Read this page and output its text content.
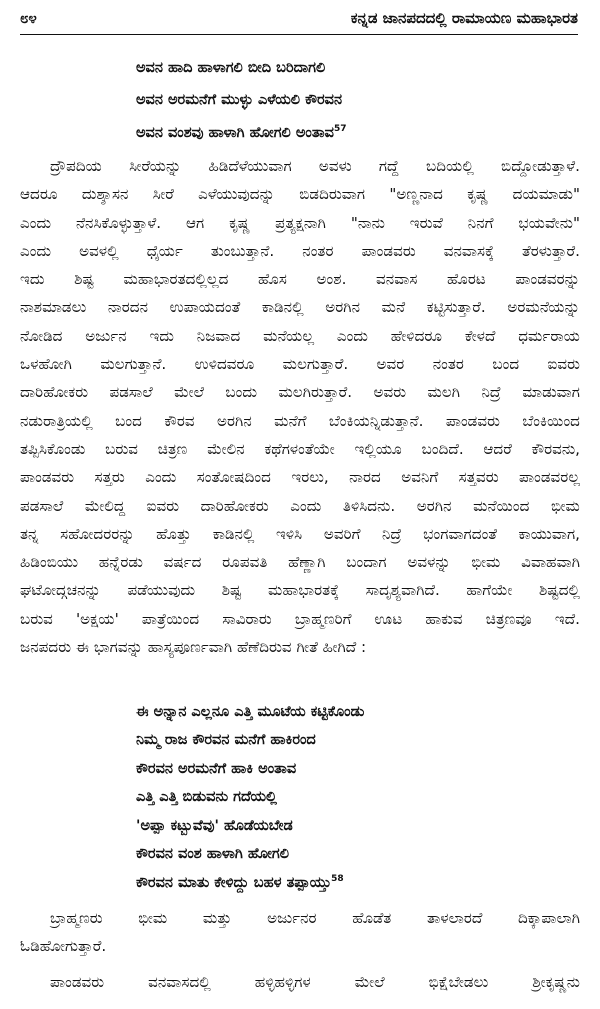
೮೪	ಕನ್ನಡ ಜಾನಪದದಲ್ಲಿ ರಾಮಾಯಣ ಮಹಾಭಾರತ
ಅವನ ಹಾದಿ ಹಾಳಾಗಲಿ ಬೀದಿ ಬರಿದಾಗಲಿ
ಅವನ ಅರಮನೆಗೆ ಮುಳ್ಳು ಎಳೆಯಲಿ ಕೌರವನ
ಅವನ ವಂಶವು ಹಾಳಾಗಿ ಹೋಗಲಿ ಅಂತಾವ$^{57}$
ದ್ರೌಪದಿಯ ಸೀರೆಯನ್ನು ಹಿಡಿದೆಳೆಯುವಾಗ ಅವಳು ಗದ್ದೆ ಬದಿಯಲ್ಲಿ ಬಿದ್ದೋಡುತ್ತಾಳೆ.
ಆದರೂ ದುಶ್ಶಾಸನ ಸೀರೆ ಎಳೆಯುವುದನ್ನು ಬಿಡದಿರುವಾಗ "ಅಣ್ಣನಾದ ಕೃಷ್ಣ ದಯಮಾಡು"
ಎಂದು ನೆನಸಿಕೊಳ್ಳುತ್ತಾಳೆ. ಆಗ ಕೃಷ್ಣ ಪ್ರತ್ಯಕ್ಷನಾಗಿ "ನಾನು ಇರುವೆ ನಿನಗೆ ಭಯವೇನು"
ಎಂದು ಅವಳಲ್ಲಿ ಧೈರ್ಯ ತುಂಬುತ್ತಾನೆ. ನಂತರ ಪಾಂಡವರು ವನವಾಸಕ್ಕೆ ತೆರಳುತ್ತಾರೆ.
ಇದು ಶಿಷ್ಟ ಮಹಾಭಾರತದಲ್ಲಿಲ್ಲದ ಹೊಸ ಅಂಶ. ವನವಾಸ ಹೊರಟ ಪಾಂಡವರನ್ನು
ನಾಶಮಾಡಲು ನಾರದನ ಉಪಾಯದಂತೆ ಕಾಡಿನಲ್ಲಿ ಅರಗಿನ ಮನೆ ಕಟ್ಟಿಸುತ್ತಾರೆ. ಅರಮನೆಯನ್ನು
ನೋಡಿದ ಅರ್ಜುನ ಇದು ನಿಜವಾದ ಮನೆಯಲ್ಲ ಎಂದು ಹೇಳಿದರೂ ಕೇಳದೆ ಧರ್ಮರಾಯ
ಒಳಹೋಗಿ ಮಲಗುತ್ತಾನೆ. ಉಳಿದವರೂ ಮಲಗುತ್ತಾರೆ. ಅವರ ನಂತರ ಬಂದ ಐವರು
ದಾರಿಹೋಕರು ಪಡಸಾಲೆ ಮೇಲೆ ಬಂದು ಮಲಗಿರುತ್ತಾರೆ. ಅವರು ಮಲಗಿ ನಿದ್ರೆ ಮಾಡುವಾಗ
ನಡುರಾತ್ರಿಯಲ್ಲಿ ಬಂದ ಕೌರವ ಅರಗಿನ ಮನೆಗೆ ಬೆಂಕಿಯನ್ನಿಡುತ್ತಾನೆ. ಪಾಂಡವರು ಬೆಂಕಿಯಿಂದ
ತಪ್ಪಿಸಿಕೊಂಡು ಬರುವ ಚಿತ್ರಣ ಮೇಲಿನ ಕಥೆಗಳಂತೆಯೇ ಇಲ್ಲಿಯೂ ಬಂದಿದೆ. ಆದರೆ ಕೌರವನು,
ಪಾಂಡವರು ಸತ್ತರು ಎಂದು ಸಂತೋಷದಿಂದ ಇರಲು, ನಾರದ ಅವನಿಗೆ ಸತ್ತವರು ಪಾಂಡವರಲ್ಲ
ಪಡಸಾಲೆ ಮೇಲಿದ್ದ ಐವರು ದಾರಿಹೋಕರು ಎಂದು ತಿಳಿಸಿದನು. ಅರಗಿನ ಮನೆಯಿಂದ ಭೀಮ
ತನ್ನ ಸಹೋದರರನ್ನು ಹೊತ್ತು ಕಾಡಿನಲ್ಲಿ ಇಳಿಸಿ ಅವರಿಗೆ ನಿದ್ರೆ ಭಂಗವಾಗದಂತೆ ಕಾಯುವಾಗ,
ಹಿಡಿಂಬಿಯು ಹನ್ನೆರಡು ವರ್ಷದ ರೂಪವತಿ ಹೆಣ್ಣಾಗಿ ಬಂದಾಗ ಅವಳನ್ನು ಭೀಮ ವಿವಾಹವಾಗಿ
ಘಟೋದ್ಗಚನನ್ನು ಪಡೆಯುವುದು ಶಿಷ್ಟ ಮಹಾಭಾರತಕ್ಕೆ ಸಾದೃಶ್ಯವಾಗಿದೆ. ಹಾಗೆಯೇ ಶಿಷ್ಟದಲ್ಲಿ
ಬರುವ 'ಅಕ್ಷಯ' ಪಾತ್ರೆಯಿಂದ ಸಾವಿರಾರು ಬ್ರಾಹ್ಮಣರಿಗೆ ಊಟ ಹಾಕುವ ಚಿತ್ರಣವೂ ಇದೆ.
ಜನಪದರು ಈ ಭಾಗವನ್ನು ಹಾಸ್ಯಪೂರ್ಣವಾಗಿ ಹೆಣೆದಿರುವ ಗೀತೆ ಹೀಗಿದೆ :
ಈ ಅನ್ನಾನ ಎಲ್ಲನೂ ಎತ್ತಿ ಮೂಟೆಯ ಕಟ್ಟಿಕೊಂಡು
ನಿಮ್ಮ ರಾಜ ಕೌರವನ ಮನೆಗೆ ಹಾಕಿರಂದ
ಕೌರವನ ಅರಮನೆಗೆ ಹಾಕಿ ಅಂತಾವ
ಎತ್ತಿ ಎತ್ತಿ ಬಿಡುವನು ಗದೆಯಲ್ಲಿ
'ಅಪ್ಪಾ ಕಟ್ಬುವೆವು' ಹೊಡೆಯಬೇಡ
ಕೌರವನ ವಂಶ ಹಾಳಾಗಿ ಹೋಗಲಿ
ಕೌರವನ ಮಾತು ಕೇಳಿದ್ದು ಬಹಳ ತಪ್ಪಾಯ್ತು$^{58}$
ಬ್ರಾಹ್ಮಣರು ಭೀಮ ಮತ್ತು ಅರ್ಜುನರ ಹೊಡೆತ ತಾಳಲಾರದೆ ದಿಕ್ಕಾಪಾಲಾಗಿ
ಓಡಿಹೋಗುತ್ತಾರೆ.
ಪಾಂಡವರು ವನವಾಸದಲ್ಲಿ ಹಳ್ಳಿಹಳ್ಳಿಗಳ ಮೇಲೆ ಭಿಕ್ಷೆಬೇಡಲು ಶ್ರೀಕೃಷ್ಣನು
